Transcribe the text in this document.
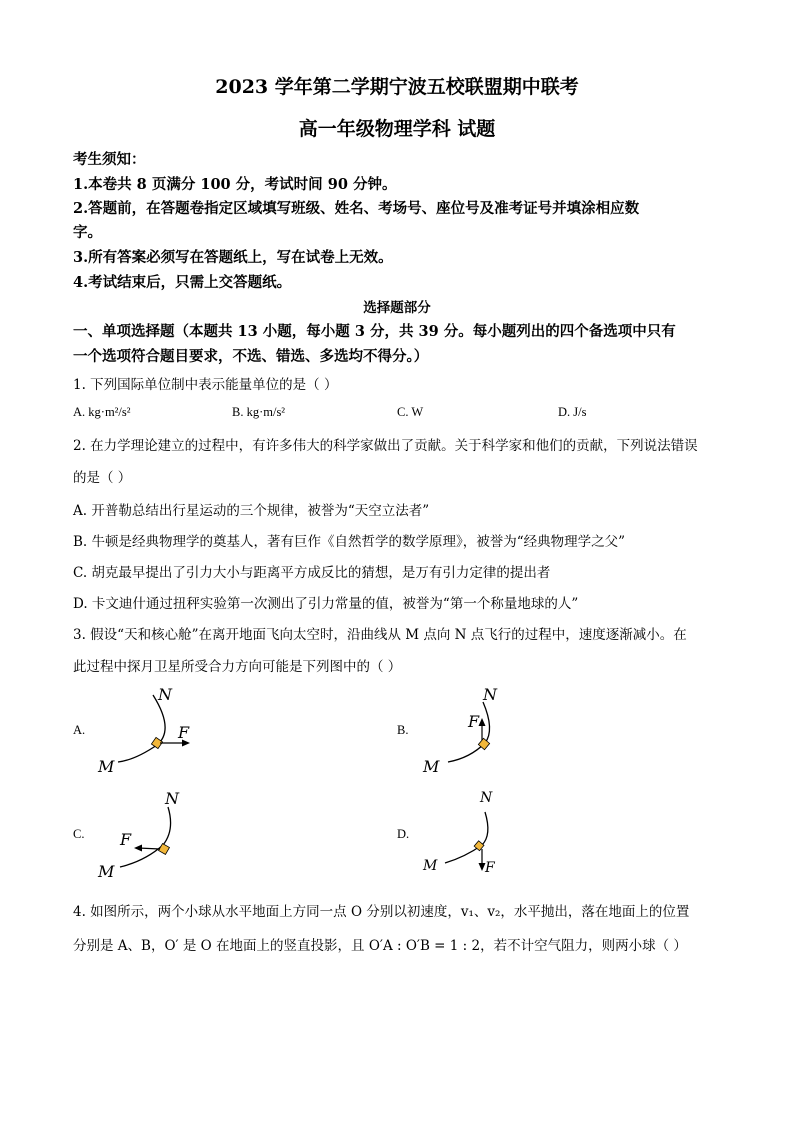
2023 学年第二学期宁波五校联盟期中联考
高一年级物理学科 试题
考生须知：
1.本卷共 8 页满分 100 分，考试时间 90 分钟。
2.答题前，在答题卷指定区域填写班级、姓名、考场号、座位号及准考证号并填涂相应数
字。
3.所有答案必须写在答题纸上，写在试卷上无效。
4.考试结束后，只需上交答题纸。
选择题部分
一、单项选择题（本题共 13 小题，每小题 3 分，共 39 分。每小题列出的四个备选项中只有
一个选项符合题目要求，不选、错选、多选均不得分。）
1. 下列国际单位制中表示能量单位的是（ ）
A. kg·m²/s²	B. kg·m/s²	C. W	D. J/s
2. 在力学理论建立的过程中，有许多伟大的科学家做出了贡献。关于科学家和他们的贡献，下列说法错误
的是（ ）
A. 开普勒总结出行星运动的三个规律，被誉为“天空立法者”
B. 牛顿是经典物理学的奠基人，著有巨作《自然哲学的数学原理》，被誉为“经典物理学之父”
C. 胡克最早提出了引力大小与距离平方成反比的猜想，是万有引力定律的提出者
D. 卡文迪什通过扭秤实验第一次测出了引力常量的值，被誉为“第一个称量地球的人”
3. 假设“天和核心舱”在离开地面飞向太空时，沿曲线从 M 点向 N 点飞行的过程中，速度逐渐减小。在
此过程中探月卫星所受合力方向可能是下列图中的（ ）
A.
N
M
F	B.
N
M
F
C.
N
M
F	D.
N
M	F
4. 如图所示，两个小球从水平地面上方同一点 O 分别以初速度，v₁、v₂，水平抛出，落在地面上的位置
分别是 A、B，O′ 是 O 在地面上的竖直投影，且 O′A : O′B = 1 : 2，若不计空气阻力，则两小球（ ）
